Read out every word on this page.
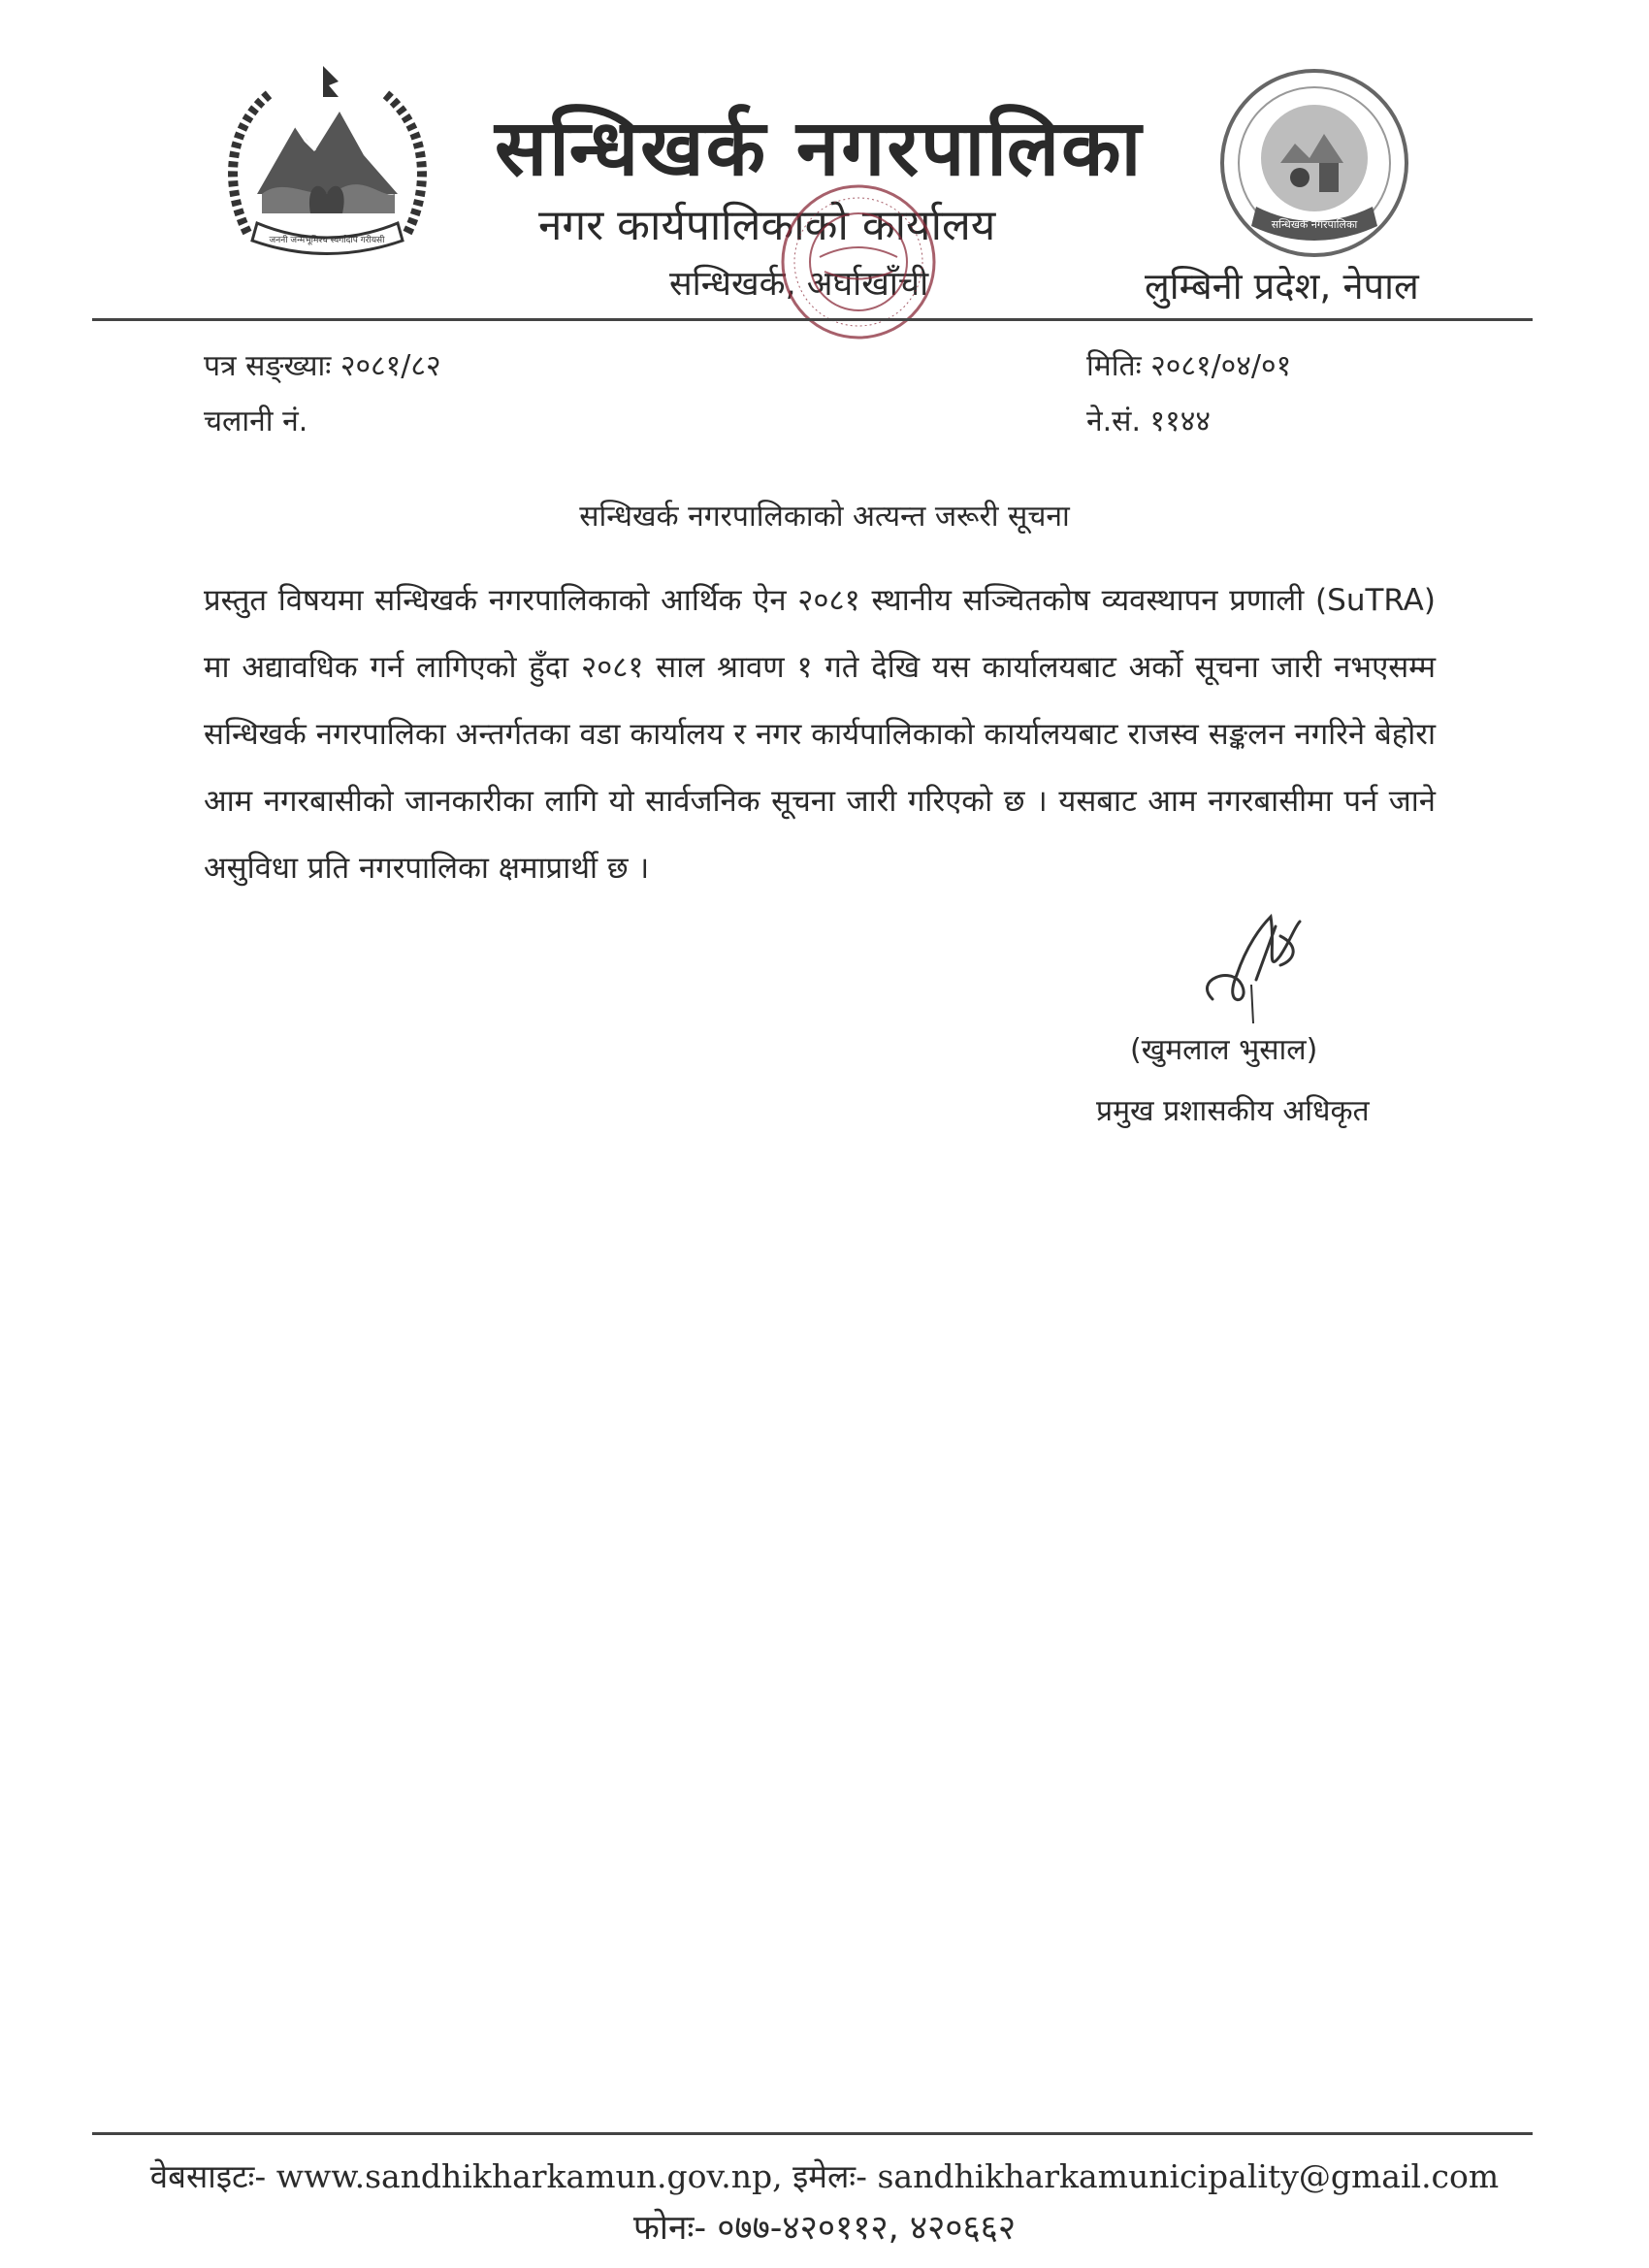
जननी जन्मभूमिश्च स्वर्गादपि गरीयसी
सन्धिखर्क नगरपालिका
सन्धिखर्क नगरपालिका
नगर कार्यपालिकाको कार्यालय
सन्धिखर्क, अर्घाखाँची	लुम्बिनी प्रदेश, नेपाल
पत्र सङ्ख्याः २०८१/८२
चलानी नं.
मितिः २०८१/०४/०१
ने.सं. ११४४
सन्धिखर्क नगरपालिकाको अत्यन्त जरूरी सूचना
प्रस्तुत विषयमा सन्धिखर्क नगरपालिकाको आर्थिक ऐन २०८१ स्थानीय सञ्चितकोष व्यवस्थापन प्रणाली (SuTRA) मा अद्यावधिक गर्न लागिएको हुँदा २०८१ साल श्रावण १ गते देखि यस कार्यालयबाट अर्को सूचना जारी नभएसम्म सन्धिखर्क नगरपालिका अन्तर्गतका वडा कार्यालय र नगर कार्यपालिकाको कार्यालयबाट राजस्व सङ्कलन नगरिने बेहोरा आम नगरबासीको जानकारीका लागि यो सार्वजनिक सूचना जारी गरिएको छ । यसबाट आम नगरबासीमा पर्न जाने असुविधा प्रति नगरपालिका क्षमाप्रार्थी छ ।
(खुमलाल भुसाल)
प्रमुख प्रशासकीय अधिकृत
वेबसाइटः- www.sandhikharkamun.gov.np, इमेलः- sandhikharkamunicipality@gmail.com
फोनः- ०७७-४२०११२, ४२०६६२
